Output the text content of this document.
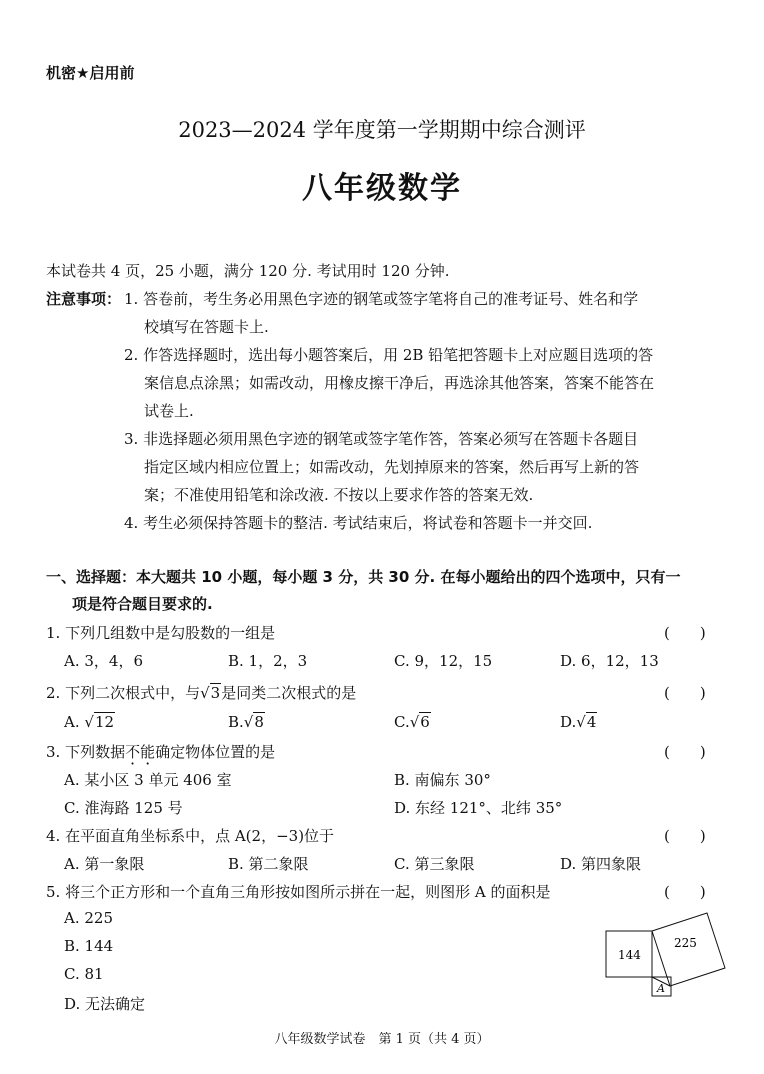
机密★启用前
2023—2024 学年度第一学期期中综合测评
八年级数学
本试卷共 4 页，25 小题，满分 120 分. 考试用时 120 分钟.
注意事项： 1. 答卷前，考生务必用黑色字迹的钢笔或签字笔将自己的准考证号、姓名和学
校填写在答题卡上.
2. 作答选择题时，选出每小题答案后，用 2B 铅笔把答题卡上对应题目选项的答
案信息点涂黑；如需改动，用橡皮擦干净后，再选涂其他答案，答案不能答在
试卷上.
3. 非选择题必须用黑色字迹的钢笔或签字笔作答，答案必须写在答题卡各题目
指定区域内相应位置上；如需改动，先划掉原来的答案，然后再写上新的答
案；不准使用铅笔和涂改液. 不按以上要求作答的答案无效.
4. 考生必须保持答题卡的整洁. 考试结束后，将试卷和答题卡一并交回.
一、选择题：本大题共 10 小题，每小题 3 分，共 30 分. 在每小题给出的四个选项中，只有一
项是符合题目要求的.
1. 下列几组数中是勾股数的一组是	(　　)
A. 3，4，6	B. 1，2，3	C. 9，12，15	D. 6，12，13
2. 下列二次根式中，与√3是同类二次根式的是	(　　)
A. √12	B.√8	C.√6	D.√4
3. 下列数据不能确定物体位置的是	(　　)
A. 某小区 3 单元 406 室	B. 南偏东 30°
C. 淮海路 125 号	D. 东经 121°、北纬 35°
4. 在平面直角坐标系中，点 A(2，−3)位于	(　　)
A. 第一象限	B. 第二象限	C. 第三象限	D. 第四象限
5. 将三个正方形和一个直角三角形按如图所示拼在一起，则图形 A 的面积是	(　　)
A. 225
B. 144
C. 81
D. 无法确定
144
225
A
八年级数学试卷　第 1 页（共 4 页）
